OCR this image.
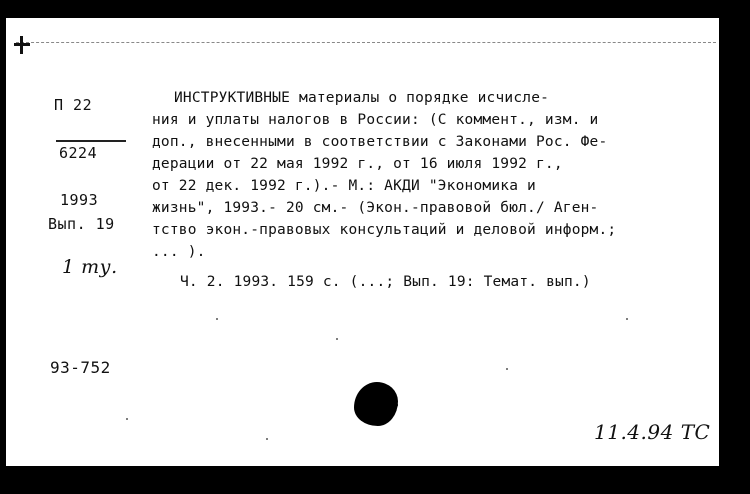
П 22
6224
1993
Вып. 19
1 ту.
93-752
ИНСТРУКТИВНЫЕ материалы о порядке исчисле-
ния и уплаты налогов в России: (С коммент., изм. и
доп., внесенными в соответствии с Законами Рос. Фе-
дерации от 22 мая 1992 г., от 16 июля 1992 г.,
от 22 дек. 1992 г.).- М.: АКДИ "Экономика и
жизнь", 1993.- 20 см.- (Экон.-правовой бюл./ Аген-
тство экон.-правовых консультаций и деловой информ.;
... ).
Ч. 2. 1993. 159 с. (...; Вып. 19: Темат. вып.)
11.4.94 ТС
